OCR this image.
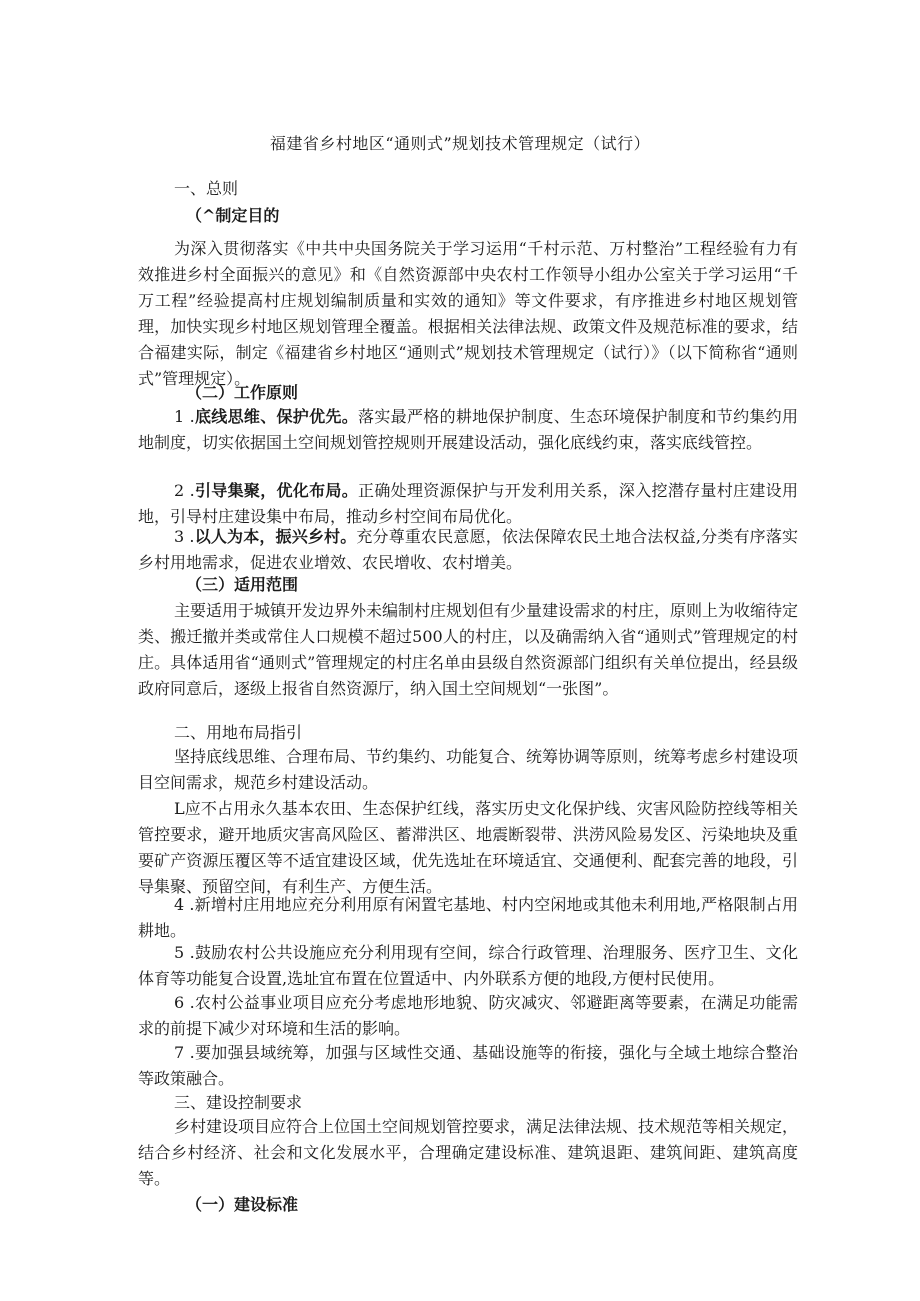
福建省乡村地区“通则式”规划技术管理规定（试行）
一、总则
（^制定目的
为深入贯彻落实《中共中央国务院关于学习运用“千村示范、万村整治”工程经验有力有效推进乡村全面振兴的意见》和《自然资源部中央农村工作领导小组办公室关于学习运用“千万工程”经验提高村庄规划编制质量和实效的通知》等文件要求，有序推进乡村地区规划管理，加快实现乡村地区规划管理全覆盖。根据相关法律法规、政策文件及规范标准的要求，结合福建实际，制定《福建省乡村地区“通则式”规划技术管理规定（试行）》（以下简称省“通则式”管理规定）。
（二）工作原则
1 .底线思维、保护优先。落实最严格的耕地保护制度、生态环境保护制度和节约集约用地制度，切实依据国土空间规划管控规则开展建设活动，强化底线约束，落实底线管控。
2 .引导集聚，优化布局。正确处理资源保护与开发利用关系，深入挖潜存量村庄建设用地，引导村庄建设集中布局，推动乡村空间布局优化。
3 .以人为本，振兴乡村。充分尊重农民意愿，依法保障农民土地合法权益,分类有序落实乡村用地需求，促进农业增效、农民增收、农村增美。
（三）适用范围
主要适用于城镇开发边界外未编制村庄规划但有少量建设需求的村庄，原则上为收缩待定类、搬迁撤并类或常住人口规模不超过500人的村庄，以及确需纳入省“通则式”管理规定的村庄。具体适用省“通则式”管理规定的村庄名单由县级自然资源部门组织有关单位提出，经县级政府同意后，逐级上报省自然资源厅，纳入国土空间规划“一张图”。
二、用地布局指引
坚持底线思维、合理布局、节约集约、功能复合、统筹协调等原则，统筹考虑乡村建设项目空间需求，规范乡村建设活动。
L应不占用永久基本农田、生态保护红线，落实历史文化保护线、灾害风险防控线等相关管控要求，避开地质灾害高风险区、蓄滞洪区、地震断裂带、洪涝风险易发区、污染地块及重要矿产资源压覆区等不适宜建设区域，优先选址在环境适宜、交通便利、配套完善的地段，引导集聚、预留空间，有利生产、方便生活。
4 .新增村庄用地应充分利用原有闲置宅基地、村内空闲地或其他未利用地,严格限制占用耕地。
5 .鼓励农村公共设施应充分利用现有空间，综合行政管理、治理服务、医疗卫生、文化体育等功能复合设置,选址宜布置在位置适中、内外联系方便的地段,方便村民使用。
6 .农村公益事业项目应充分考虑地形地貌、防灾减灾、邻避距离等要素，在满足功能需求的前提下减少对环境和生活的影响。
7 .要加强县域统筹，加强与区域性交通、基础设施等的衔接，强化与全域土地综合整治等政策融合。
三、建设控制要求
乡村建设项目应符合上位国土空间规划管控要求，满足法律法规、技术规范等相关规定，结合乡村经济、社会和文化发展水平，合理确定建设标准、建筑退距、建筑间距、建筑高度等。
（一）建设标准
